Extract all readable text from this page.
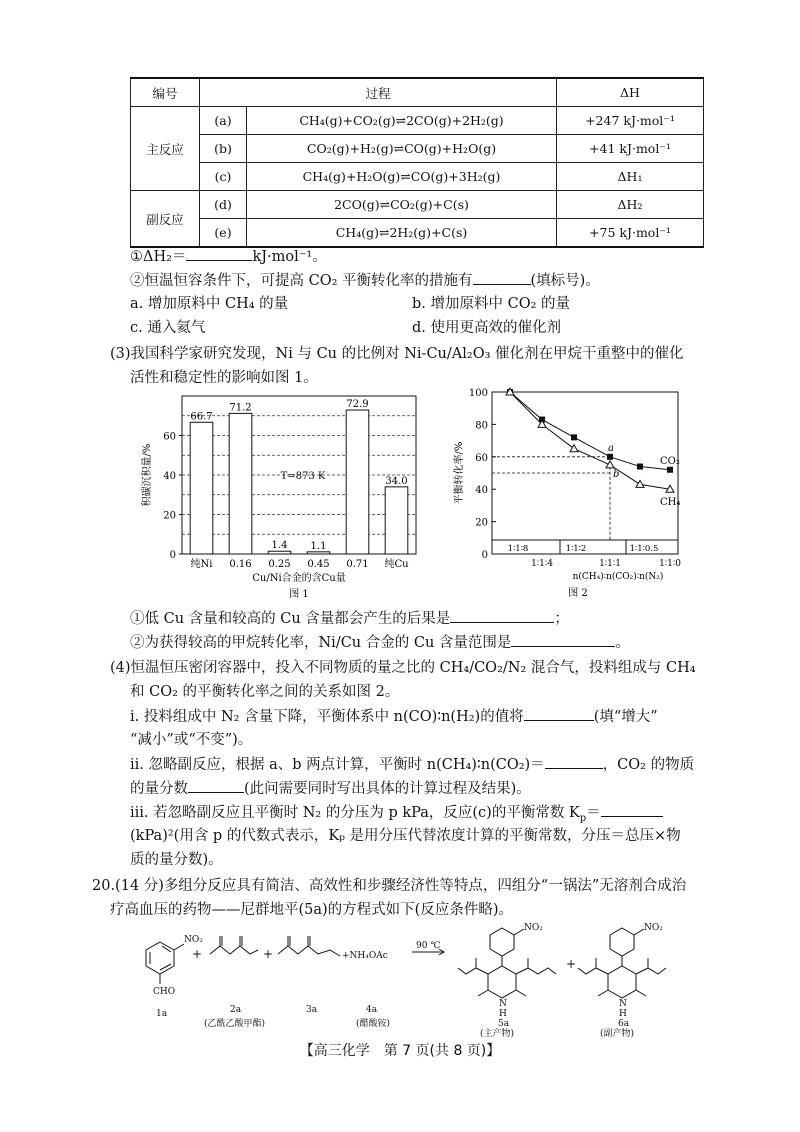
编号	过程		ΔH
主反应	(a)	CH₄(g)+CO₂(g)⇌2CO(g)+2H₂(g)	+247 kJ·mol⁻¹
	(b)	CO₂(g)+H₂(g)⇌CO(g)+H₂O(g)	+41 kJ·mol⁻¹
	(c)	CH₄(g)+H₂O(g)⇌CO(g)+3H₂(g)	ΔH₁
副反应	(d)	2CO(g)⇌CO₂(g)+C(s)	ΔH₂
	(e)	CH₄(g)⇌2H₂(g)+C(s)	+75 kJ·mol⁻¹
①ΔH₂＝	kJ·mol⁻¹。
②恒温恒容条件下，可提高 CO₂ 平衡转化率的措施有	(填标号)。
a. 增加原料中 CH₄ 的量	b. 增加原料中 CO₂ 的量
c. 通入氦气	d. 使用更高效的催化剂
(3)我国科学家研究发现，Ni 与 Cu 的比例对 Ni-Cu/Al₂O₃ 催化剂在甲烷干重整中的催化
活性和稳定性的影响如图 1。
0
20
40
60
66.7
纯Ni
71.2
0.16
1.4
0.25
1.1
0.45
72.9
0.71
34.0
纯Cu
Cu/Ni合金的含Cu量
图 1
积碳沉积量/%	T=873 K
0
20
40
60
80
100
1∶1∶8	1∶1∶2	1∶1∶0.5
1∶1∶4	1∶1∶1	1∶1∶0
n(CH₄)∶n(CO₂)∶n(N₂)
图 2
平衡转化率/%	CO₂
CH₄
a
b
①低 Cu 含量和较高的 Cu 含量都会产生的后果是	；
②为获得较高的甲烷转化率，Ni/Cu 合金的 Cu 含量范围是	。
(4)恒温恒压密闭容器中，投入不同物质的量之比的 CH₄/CO₂/N₂ 混合气，投料组成与 CH₄
和 CO₂ 的平衡转化率之间的关系如图 2。
ⅰ. 投料组成中 N₂ 含量下降，平衡体系中 n(CO)∶n(H₂)的值将	(填“增大”
“减小”或“不变”)。
ⅱ. 忽略副反应，根据 a、b 两点计算，平衡时 n(CH₄)∶n(CO₂)＝	，CO₂ 的物质
的量分数	(此问需要同时写出具体的计算过程及结果)。
ⅲ. 若忽略副反应且平衡时 N₂ 的分压为 p kPa，反应(c)的平衡常数 $K_p=$
(kPa)²(用含 p 的代数式表示，Kₚ 是用分压代替浓度计算的平衡常数，分压＝总压×物
质的量分数)。
20.(14 分)多组分反应具有简洁、高效性和步骤经济性等特点，四组分“一锅法”无溶剂合成治
疗高血压的药物——尼群地平(5a)的方程式如下(反应条件略)。
NO₂
CHO
+	+	+NH₄OAc
90 ℃
NO₂
N
H
+
NO₂
N
H
1a	2a
(乙酰乙酸甲酯)
3a	4a
(醋酸铵)	5a
(主产物)
6a
(副产物)
【高三化学　第 7 页(共 8 页)】
